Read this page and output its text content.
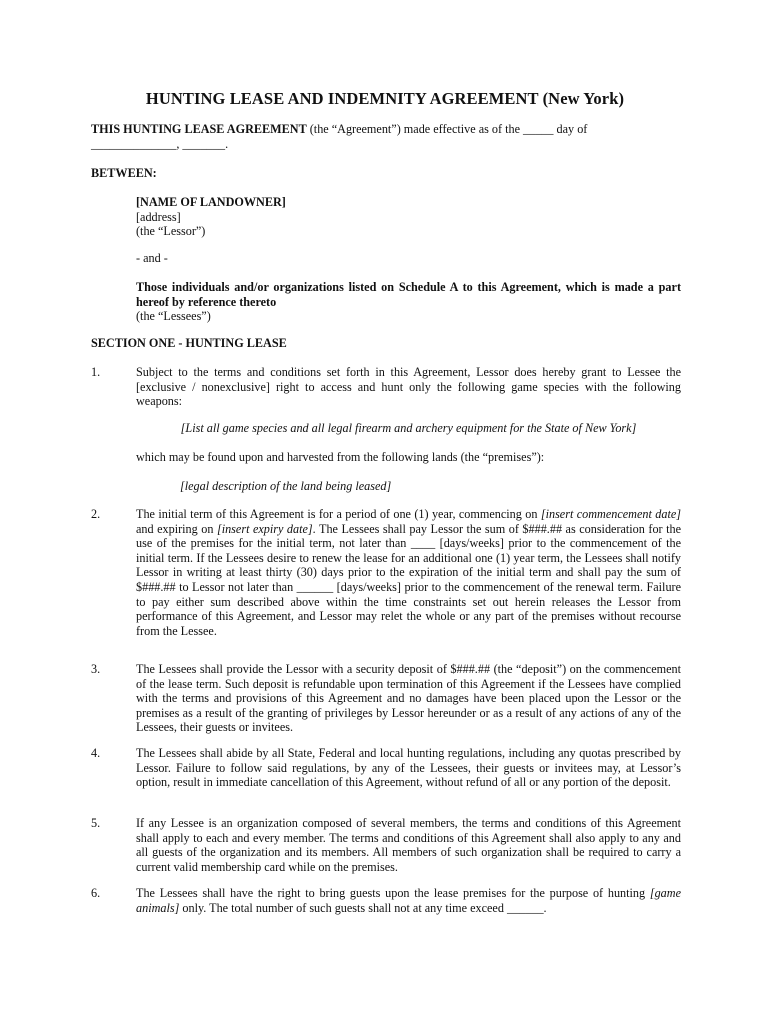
HUNTING LEASE AND INDEMNITY AGREEMENT (New York)
THIS HUNTING LEASE AGREEMENT (the “Agreement”) made effective as of the _____ day of
______________, _______.
BETWEEN:
[NAME OF LANDOWNER]
[address]
(the “Lessor”)
- and -
Those individuals and/or organizations listed on Schedule A to this Agreement, which is made a part hereof by reference thereto
(the “Lessees”)
SECTION ONE - HUNTING LEASE
1.	Subject to the terms and conditions set forth in this Agreement, Lessor does hereby grant to Lessee the [exclusive / nonexclusive] right to access and hunt only the following game species with the following weapons:
[List all game species and all legal firearm and archery equipment for the State of New York]
which may be found upon and harvested from the following lands (the “premises”):
[legal description of the land being leased]
2.	The initial term of this Agreement is for a period of one (1) year, commencing on [insert commencement date] and expiring on [insert expiry date]. The Lessees shall pay Lessor the sum of $###.## as consideration for the use of the premises for the initial term, not later than ____ [days/weeks] prior to the commencement of the initial term. If the Lessees desire to renew the lease for an additional one (1) year term, the Lessees shall notify Lessor in writing at least thirty (30) days prior to the expiration of the initial term and shall pay the sum of $###.## to Lessor not later than ______ [days/weeks] prior to the commencement of the renewal term. Failure to pay either sum described above within the time constraints set out herein releases the Lessor from performance of this Agreement, and Lessor may relet the whole or any part of the premises without recourse from the Lessee.
3.	The Lessees shall provide the Lessor with a security deposit of $###.## (the “deposit”) on the commencement of the lease term. Such deposit is refundable upon termination of this Agreement if the Lessees have complied with the terms and provisions of this Agreement and no damages have been placed upon the Lessor or the premises as a result of the granting of privileges by Lessor hereunder or as a result of any actions of any of the Lessees, their guests or invitees.
4.	The Lessees shall abide by all State, Federal and local hunting regulations, including any quotas prescribed by Lessor. Failure to follow said regulations, by any of the Lessees, their guests or invitees may, at Lessor’s option, result in immediate cancellation of this Agreement, without refund of all or any portion of the deposit.
5.	If any Lessee is an organization composed of several members, the terms and conditions of this Agreement shall apply to each and every member. The terms and conditions of this Agreement shall also apply to any and all guests of the organization and its members. All members of such organization shall be required to carry a current valid membership card while on the premises.
6.	The Lessees shall have the right to bring guests upon the lease premises for the purpose of hunting [game animals] only. The total number of such guests shall not at any time exceed ______.
